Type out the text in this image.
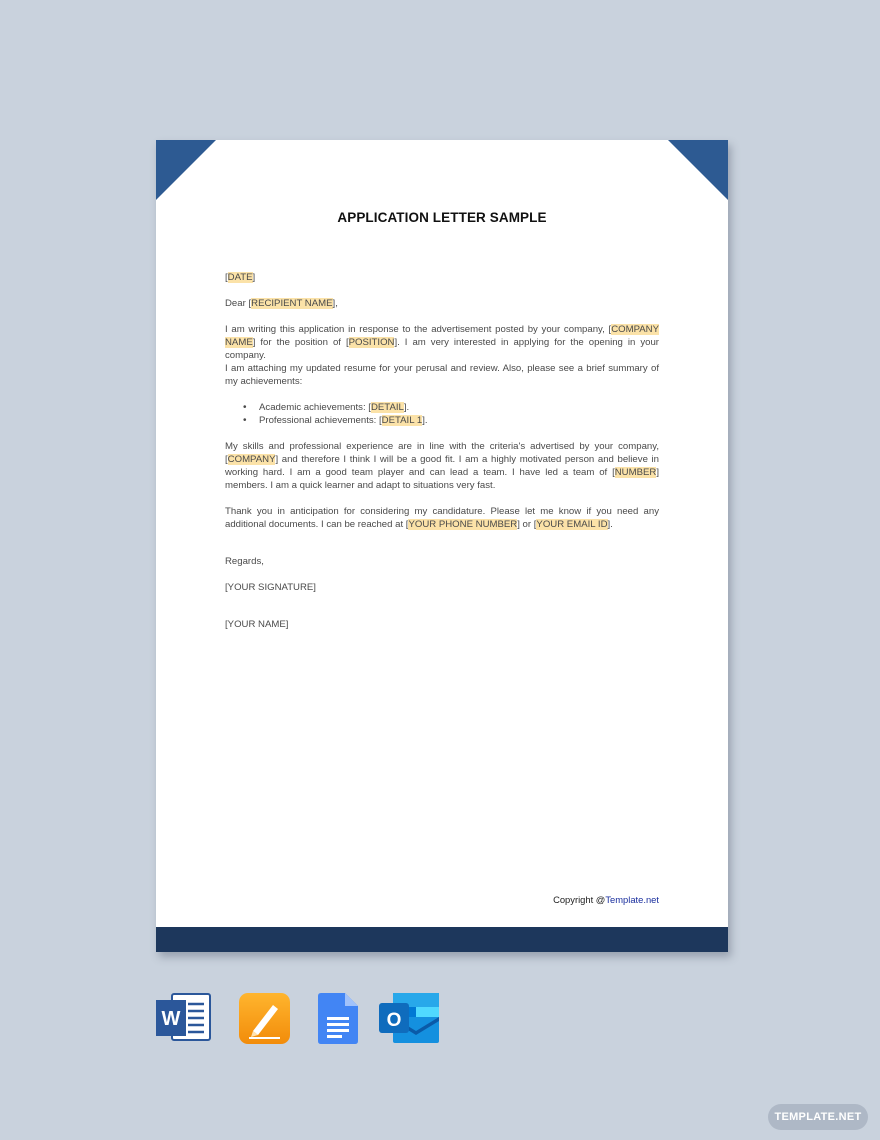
APPLICATION LETTER SAMPLE

[DATE]

Dear [RECIPIENT NAME],

I am writing this application in response to the advertisement posted by your company, [COMPANY NAME] for the position of [POSITION]. I am very interested in applying for the opening in your company.

I am attaching my updated resume for your perusal and review. Also, please see a brief summary of my achievements:

• Academic achievements: [DETAIL].
• Professional achievements: [DETAIL 1].

My skills and professional experience are in line with the criteria's advertised by your company, [COMPANY] and therefore I think I will be a good fit. I am a highly motivated person and believe in working hard. I am a good team player and can lead a team. I have led a team of [NUMBER] members. I am a quick learner and adapt to situations very fast.

Thank you in anticipation for considering my candidature. Please let me know if you need any additional documents. I can be reached at [YOUR PHONE NUMBER] or [YOUR EMAIL ID].

Regards,

[YOUR SIGNATURE]

[YOUR NAME]

Copyright @Template.net
W	O
TEMPLATE.NET
